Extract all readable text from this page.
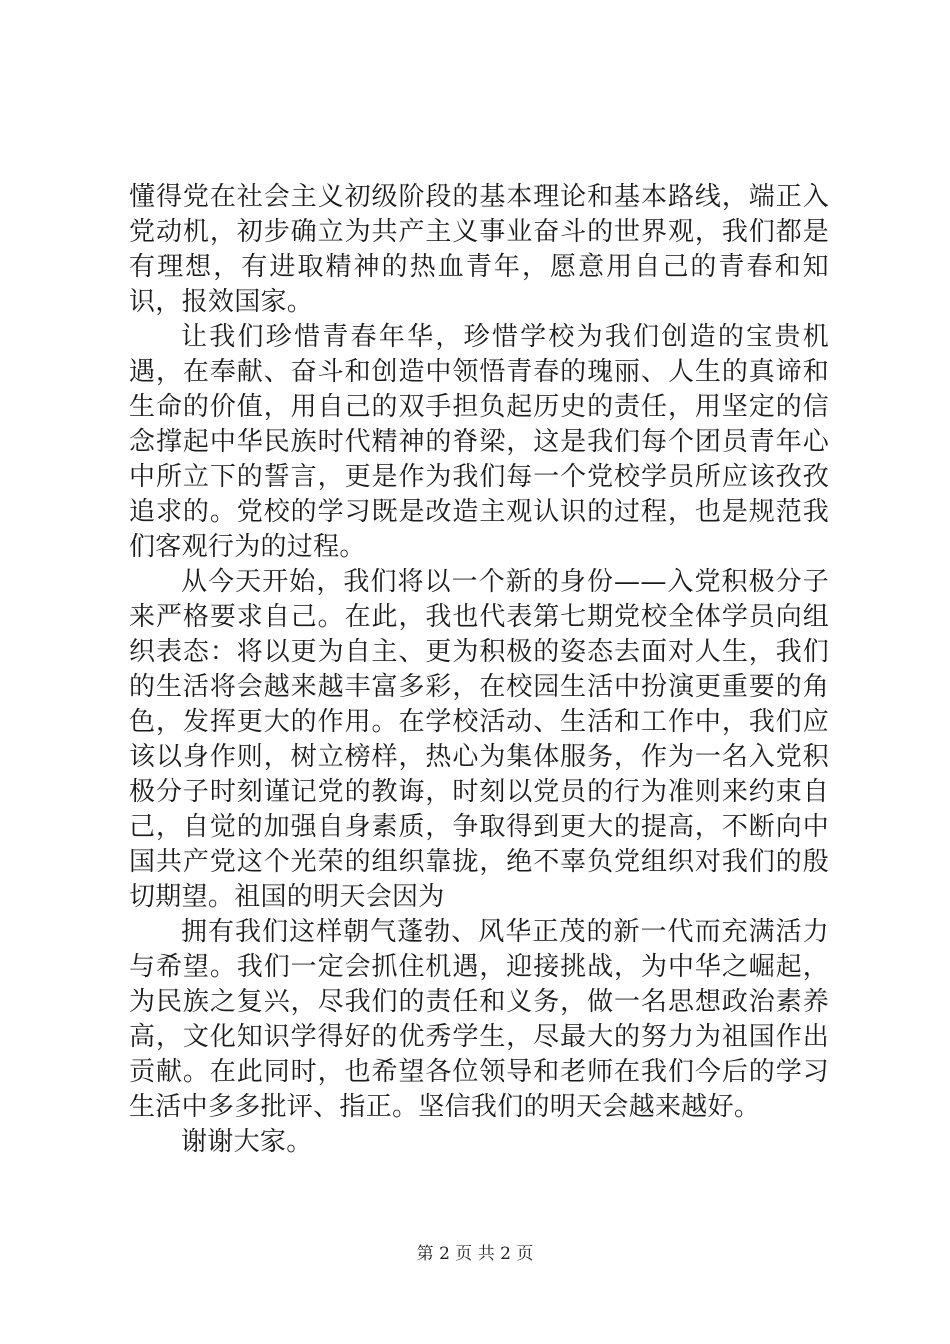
懂得党在社会主义初级阶段的基本理论和基本路线，端正入党动机，初步确立为共产主义事业奋斗的世界观，我们都是有理想，有进取精神的热血青年，愿意用自己的青春和知识，报效国家。

让我们珍惜青春年华，珍惜学校为我们创造的宝贵机遇，在奉献、奋斗和创造中领悟青春的瑰丽、人生的真谛和生命的价值，用自己的双手担负起历史的责任，用坚定的信念撑起中华民族时代精神的脊梁，这是我们每个团员青年心中所立下的誓言，更是作为我们每一个党校学员所应该孜孜追求的。党校的学习既是改造主观认识的过程，也是规范我们客观行为的过程。

从今天开始，我们将以一个新的身份——入党积极分子来严格要求自己。在此，我也代表第七期党校全体学员向组织表态：将以更为自主、更为积极的姿态去面对人生，我们的生活将会越来越丰富多彩，在校园生活中扮演更重要的角色，发挥更大的作用。在学校活动、生活和工作中，我们应该以身作则，树立榜样，热心为集体服务，作为一名入党积极分子时刻谨记党的教诲，时刻以党员的行为准则来约束自己，自觉的加强自身素质，争取得到更大的提高，不断向中国共产党这个光荣的组织靠拢，绝不辜负党组织对我们的殷切期望。祖国的明天会因为

拥有我们这样朝气蓬勃、风华正茂的新一代而充满活力与希望。我们一定会抓住机遇，迎接挑战，为中华之崛起，为民族之复兴，尽我们的责任和义务，做一名思想政治素养高，文化知识学得好的优秀学生，尽最大的努力为祖国作出贡献。在此同时，也希望各位领导和老师在我们今后的学习生活中多多批评、指正。坚信我们的明天会越来越好。

谢谢大家。

第 2 页 共 2 页
